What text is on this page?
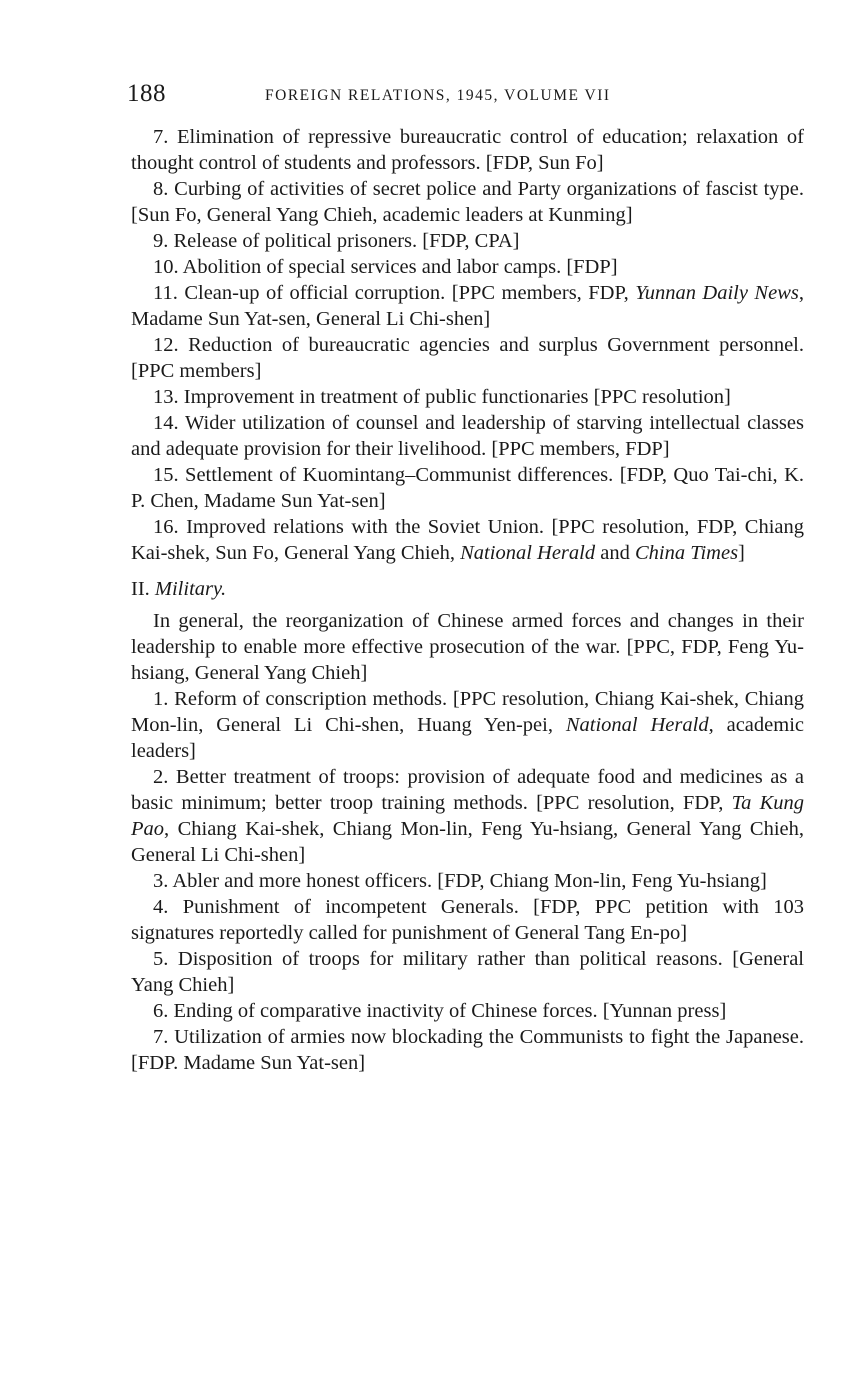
188	FOREIGN RELATIONS, 1945, VOLUME VII

7. Elimination of repressive bureaucratic control of education; relaxation of thought control of students and professors. [FDP, Sun Fo]

8. Curbing of activities of secret police and Party organizations of fascist type. [Sun Fo, General Yang Chieh, academic leaders at Kunming]

9. Release of political prisoners. [FDP, CPA]

10. Abolition of special services and labor camps. [FDP]

11. Clean-up of official corruption. [PPC members, FDP, Yunnan Daily News, Madame Sun Yat-sen, General Li Chi-shen]

12. Reduction of bureaucratic agencies and surplus Government personnel. [PPC members]

13. Improvement in treatment of public functionaries [PPC resolution]

14. Wider utilization of counsel and leadership of starving intellectual classes and adequate provision for their livelihood. [PPC members, FDP]

15. Settlement of Kuomintang–Communist differences. [FDP, Quo Tai-chi, K. P. Chen, Madame Sun Yat-sen]

16. Improved relations with the Soviet Union. [PPC resolution, FDP, Chiang Kai-shek, Sun Fo, General Yang Chieh, National Herald and China Times]

II. Military.

In general, the reorganization of Chinese armed forces and changes in their leadership to enable more effective prosecution of the war. [PPC, FDP, Feng Yu-hsiang, General Yang Chieh]

1. Reform of conscription methods. [PPC resolution, Chiang Kai-shek, Chiang Mon-lin, General Li Chi-shen, Huang Yen-pei, National Herald, academic leaders]

2. Better treatment of troops: provision of adequate food and medicines as a basic minimum; better troop training methods. [PPC resolution, FDP, Ta Kung Pao, Chiang Kai-shek, Chiang Mon-lin, Feng Yu-hsiang, General Yang Chieh, General Li Chi-shen]

3. Abler and more honest officers. [FDP, Chiang Mon-lin, Feng Yu-hsiang]

4. Punishment of incompetent Generals. [FDP, PPC petition with 103 signatures reportedly called for punishment of General Tang En-po]

5. Disposition of troops for military rather than political reasons. [General Yang Chieh]

6. Ending of comparative inactivity of Chinese forces. [Yunnan press]

7. Utilization of armies now blockading the Communists to fight the Japanese. [FDP. Madame Sun Yat-sen]
